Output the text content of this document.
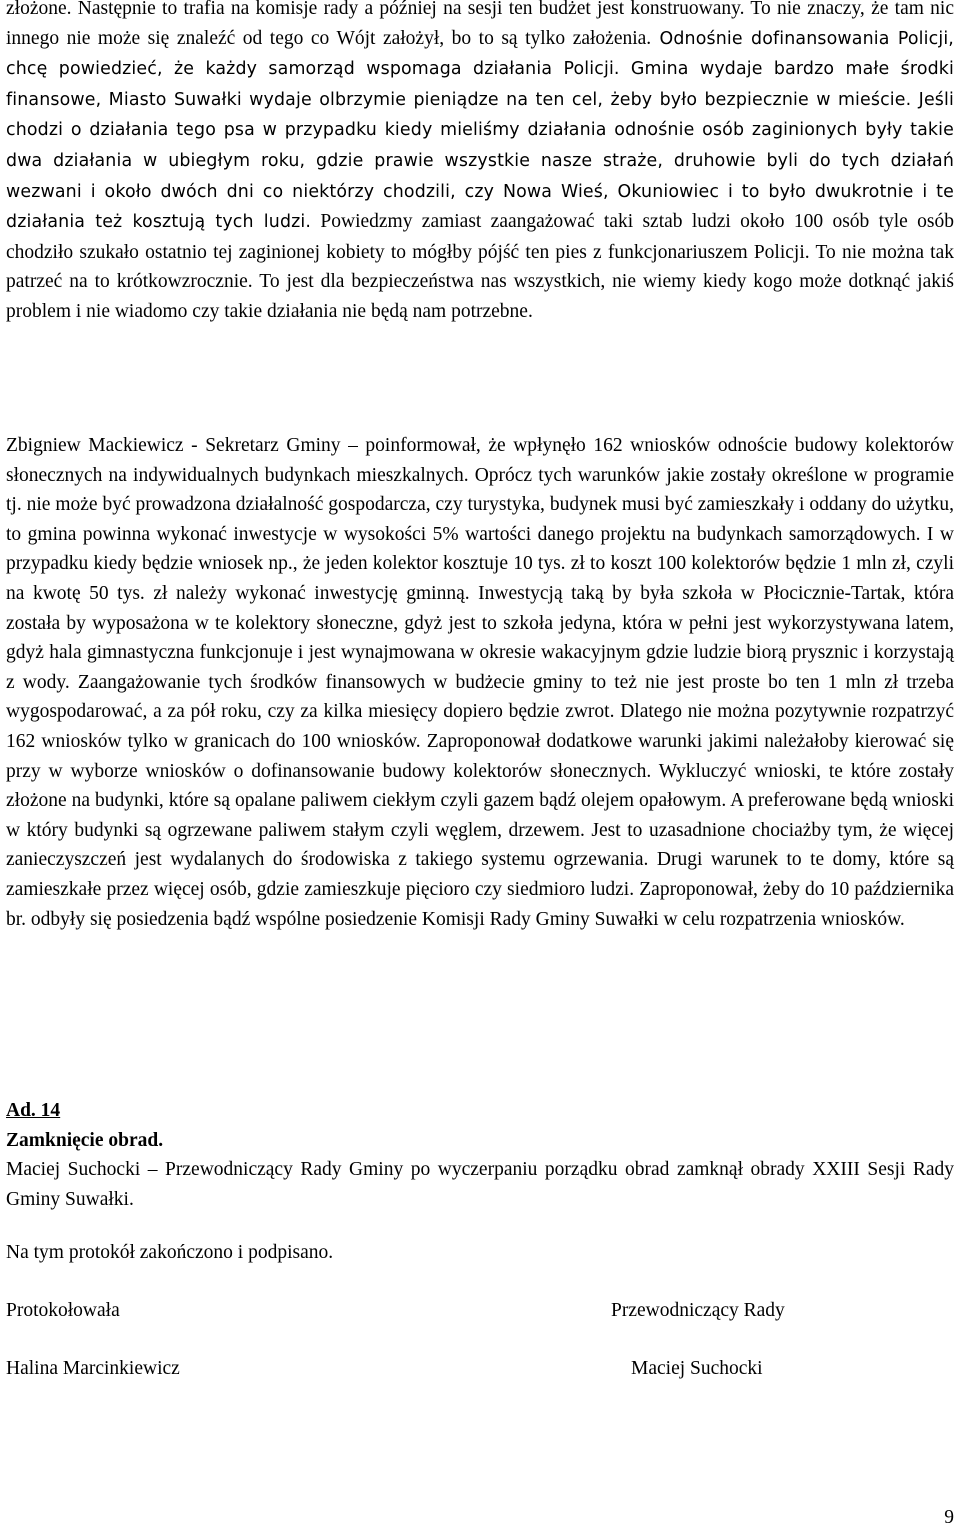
złożone. Następnie to trafia na komisje rady a później na sesji ten budżet jest konstruowany. To nie znaczy, że tam nic innego nie może się znaleźć od tego co Wójt założył, bo to są tylko założenia. Odnośnie dofinansowania Policji, chcę powiedzieć, że każdy samorząd wspomaga działania Policji. Gmina wydaje bardzo małe środki finansowe, Miasto Suwałki wydaje olbrzymie pieniądze na ten cel, żeby było bezpiecznie w mieście. Jeśli chodzi o działania tego psa w przypadku kiedy mieliśmy działania odnośnie osób zaginionych były takie dwa działania w ubiegłym roku, gdzie prawie wszystkie nasze straże, druhowie byli do tych działań wezwani i około dwóch dni co niektórzy chodzili, czy Nowa Wieś, Okuniowiec i to było dwukrotnie i te działania też kosztują tych ludzi. Powiedzmy zamiast zaangażować taki sztab ludzi około 100 osób tyle osób chodziło szukało ostatnio tej zaginionej kobiety to mógłby pójść ten pies z funkcjonariuszem Policji. To nie można tak patrzeć na to krótkowzrocznie. To jest dla bezpieczeństwa nas wszystkich, nie wiemy kiedy kogo może dotknąć jakiś problem i nie wiadomo czy takie działania nie będą nam potrzebne.

Zbigniew Mackiewicz - Sekretarz Gminy – poinformował, że wpłynęło 162 wniosków odnoście budowy kolektorów słonecznych na indywidualnych budynkach mieszkalnych. Oprócz tych warunków jakie zostały określone w programie tj. nie może być prowadzona działalność gospodarcza, czy turystyka, budynek musi być zamieszkały i oddany do użytku, to gmina powinna wykonać inwestycje w wysokości 5% wartości danego projektu na budynkach samorządowych. I w przypadku kiedy będzie wniosek np., że jeden kolektor kosztuje 10 tys. zł to koszt 100 kolektorów będzie 1 mln zł, czyli na kwotę 50 tys. zł należy wykonać inwestycję gminną. Inwestycją taką by była szkoła w Płocicznie-Tartak, która została by wyposażona w te kolektory słoneczne, gdyż jest to szkoła jedyna, która w pełni jest wykorzystywana latem, gdyż hala gimnastyczna funkcjonuje i jest wynajmowana w okresie wakacyjnym gdzie ludzie biorą prysznic i korzystają z wody. Zaangażowanie tych środków finansowych w budżecie gminy to też nie jest proste bo ten 1 mln zł trzeba wygospodarować, a za pół roku, czy za kilka miesięcy dopiero będzie zwrot. Dlatego nie można pozytywnie rozpatrzyć 162 wniosków tylko w granicach do 100 wniosków. Zaproponował dodatkowe warunki jakimi należałoby kierować się przy w wyborze wniosków o dofinansowanie budowy kolektorów słonecznych. Wykluczyć wnioski, te które zostały złożone na budynki, które są opalane paliwem ciekłym czyli gazem bądź olejem opałowym. A preferowane będą wnioski w który budynki są ogrzewane paliwem stałym czyli węglem, drzewem. Jest to uzasadnione chociażby tym, że więcej zanieczyszczeń jest wydalanych do środowiska z takiego systemu ogrzewania. Drugi warunek to te domy, które są zamieszkałe przez więcej osób, gdzie zamieszkuje pięcioro czy siedmioro ludzi. Zaproponował, żeby do 10 października br. odbyły się posiedzenia bądź wspólne posiedzenie Komisji Rady Gminy Suwałki w celu rozpatrzenia wniosków.

Ad. 14
Zamknięcie obrad.

Maciej Suchocki – Przewodniczący Rady Gminy po wyczerpaniu porządku obrad zamknął obrady XXIII Sesji Rady Gminy Suwałki.

Na tym protokół zakończono i podpisano.
Protokołowała	Przewodniczący Rady
Halina Marcinkiewicz	Maciej Suchocki
9
